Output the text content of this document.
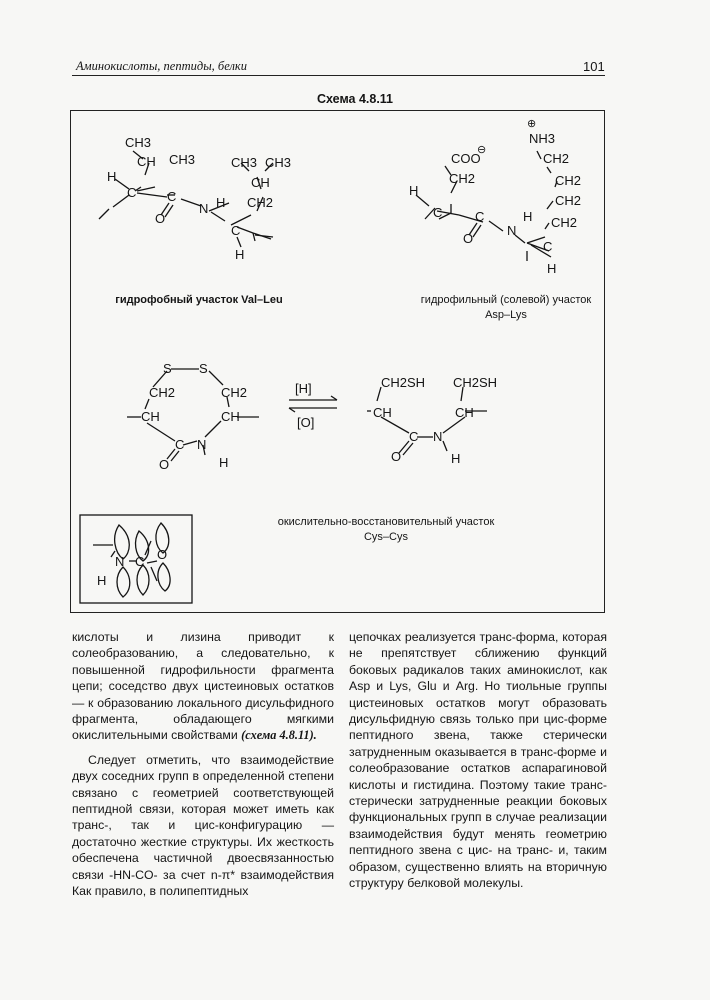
Аминокислоты, пептиды, белки	101
Схема 4.8.11
CH3
CH CH3
H
C C
O
N H
CH3 CH3
CH
CH2
C
H
⊕
NH3
⊖
COO	CH2
CH2	CH2
H
CH2
C	C	CH2
N
H
O
C
H
S S
CH2	CH2
CH	CH
C N
O	H
[H]
[O]
CH2SH CH2SH
CH	CH
C N
O	H
N C O
H
гидрофобный участок Val–Leu	гидрофильный (солевой) участок
Asp–Lys
окислительно-восстановительный участок
Cys–Cys

кислоты и лизина приводит к солеобразованию, а следовательно, к повышенной гидрофильности фрагмента цепи; соседство двух цистеиновых остатков — к образованию локального дисульфидного фрагмента, обладающего мягкими окислительными свойствами (схема 4.8.11).

Следует отметить, что взаимодействие двух соседних групп в определенной степени связано с геометрией соответствующей пептидной связи, которая может иметь как транс-, так и цис-конфигурацию — достаточно жесткие структуры. Их жесткость обеспечена частичной двоесвязанностью связи -HN-CO- за счет n-π* взаимодействия Как правило, в полипептидных

цепочках реализуется транс-форма, которая не препятствует сближению функций боковых радикалов таких аминокислот, как Asp и Lys, Glu и Arg. Но тиольные группы цистеиновых остатков могут образовать дисульфидную связь только при цис-форме пептидного звена, также стерически затрудненным оказывается в транс-форме и солеобразование остатков аспарагиновой кислоты и гистидина. Поэтому такие транс-стерически затрудненные реакции боковых функциональных групп в случае реализации взаимодействия будут менять геометрию пептидного звена с цис- на транс- и, таким образом, существенно влиять на вторичную структуру белковой молекулы.
